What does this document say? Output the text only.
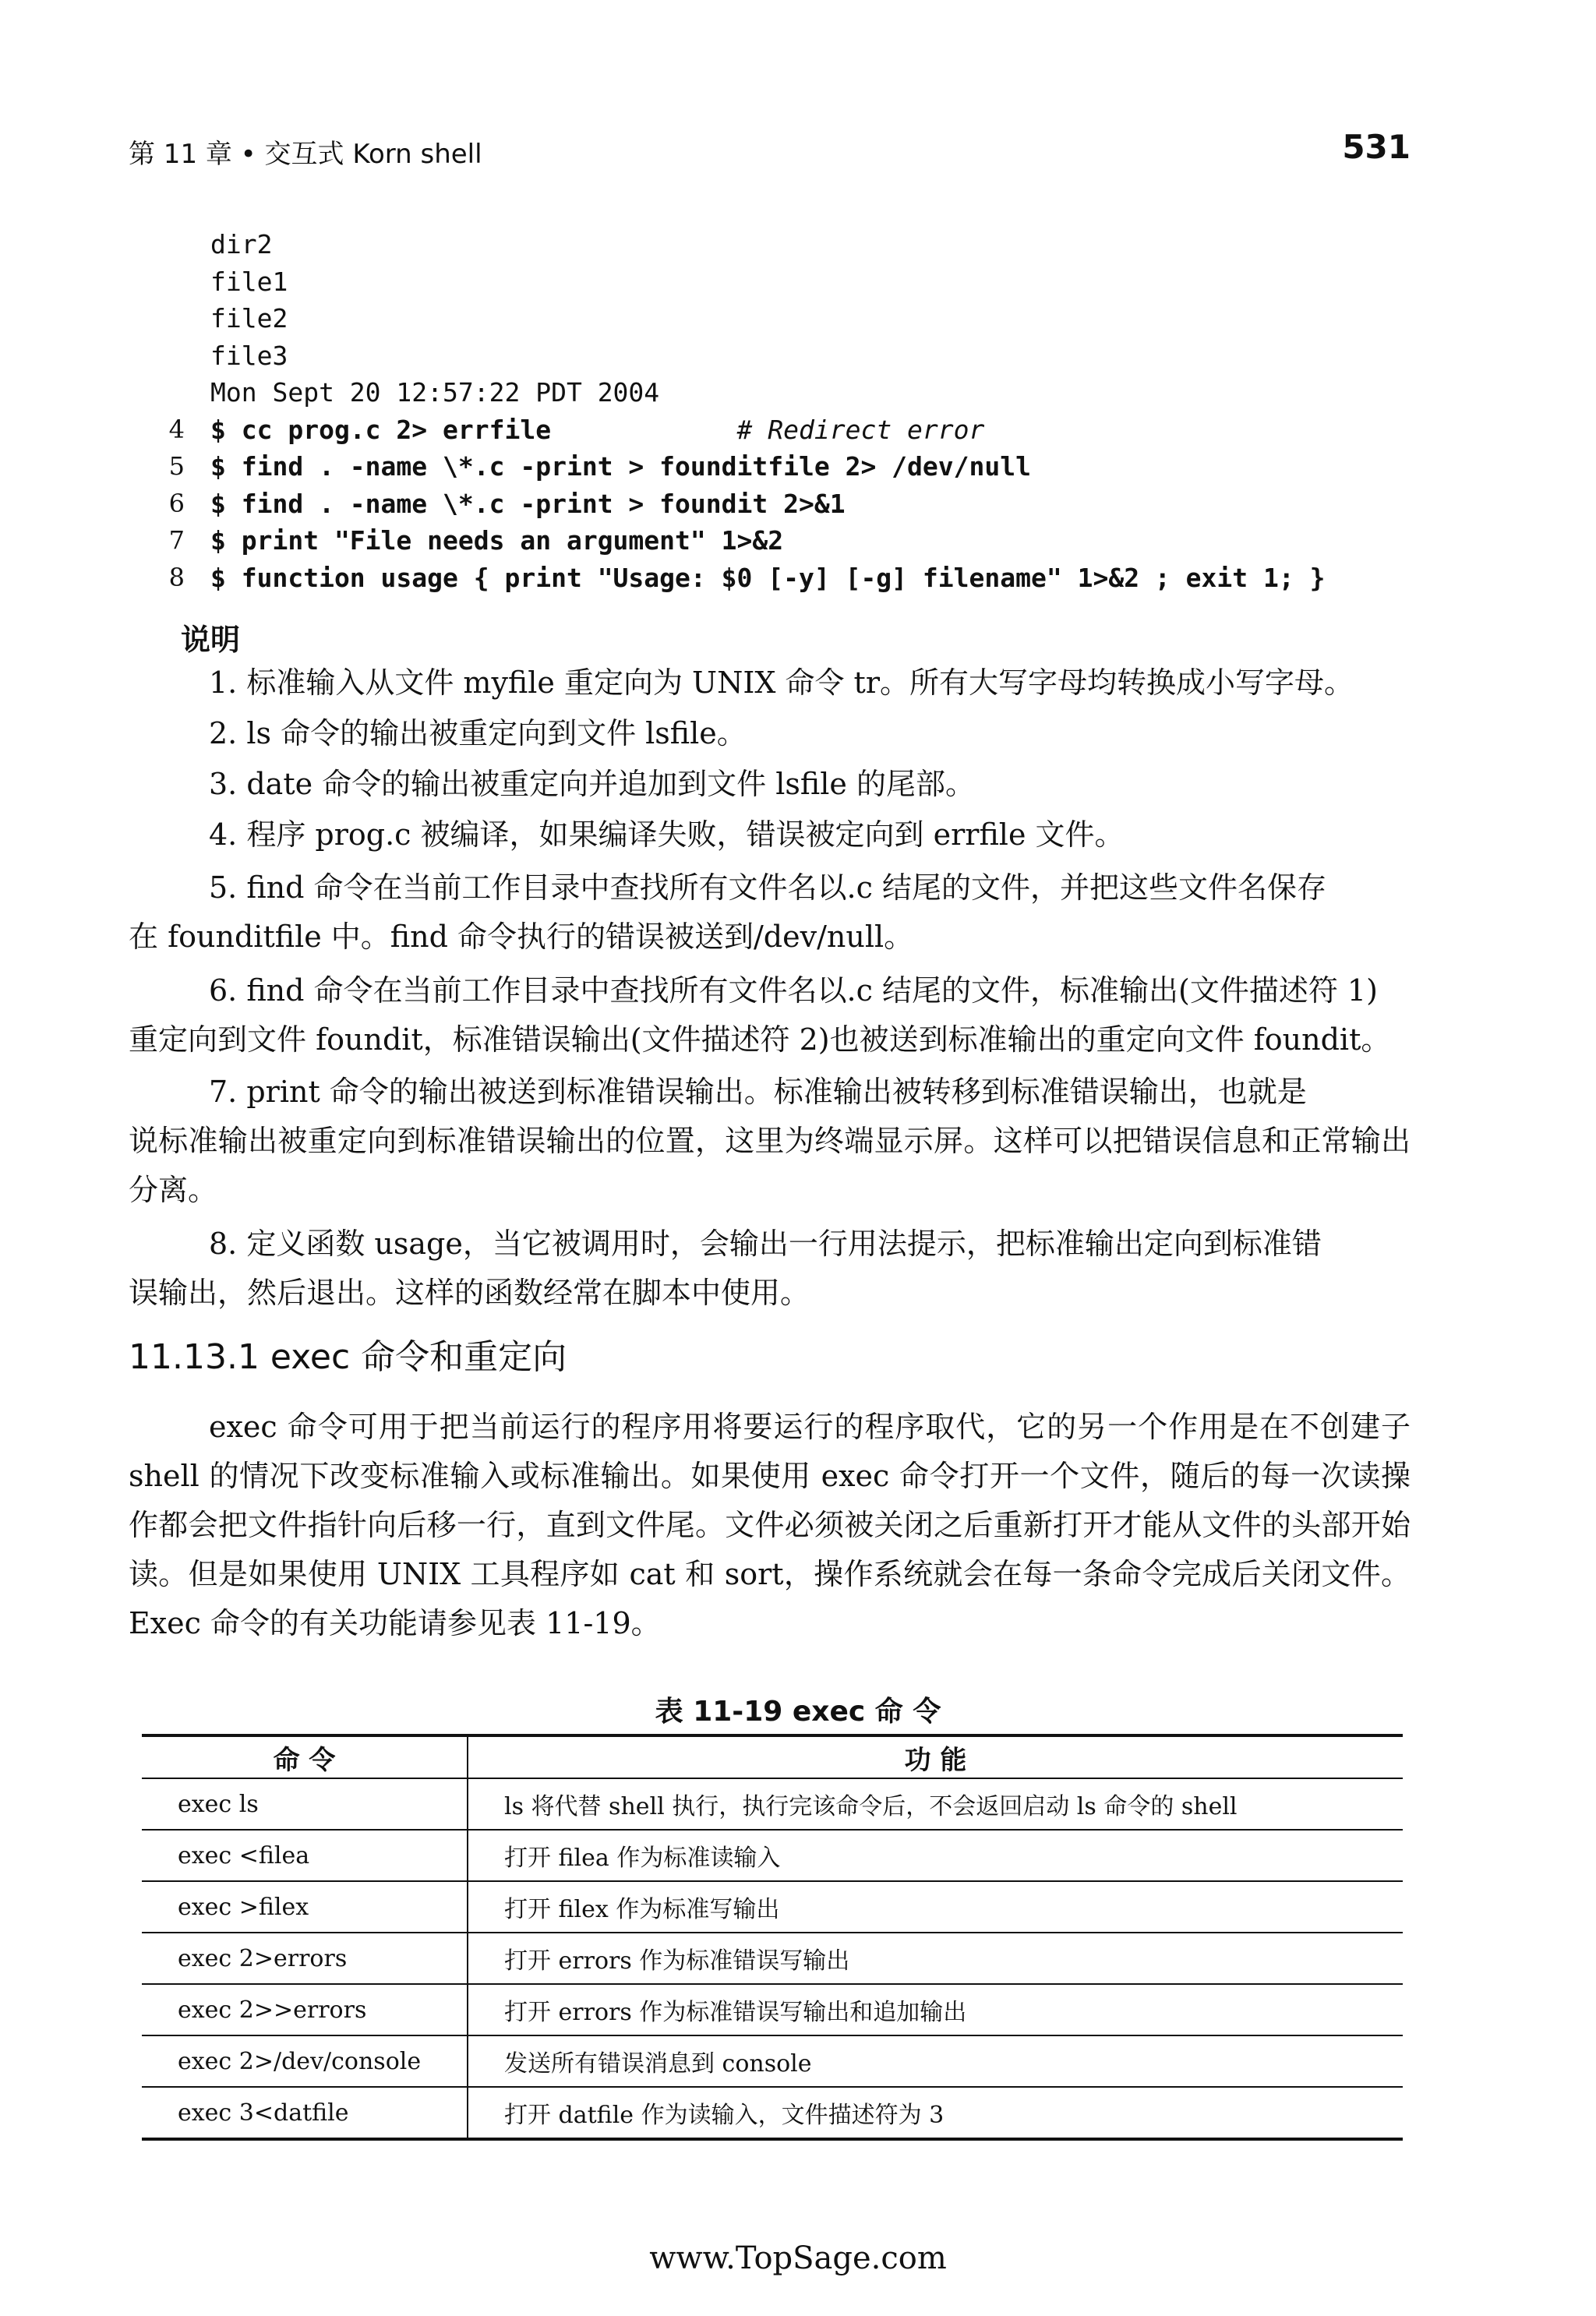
第 11 章 • 交互式 Korn shell	531
dir2
file1
file2
file3
Mon Sept 20 12:57:22 PDT 2004
4 $ cc prog.c 2> errfile            # Redirect error
5 $ find . -name \*.c -print > founditfile 2> /dev/null
6 $ find . -name \*.c -print > foundit 2>&1
7 $ print "File needs an argument" 1>&2
8 $ function usage { print "Usage: $0 [-y] [-g] filename" 1>&2 ; exit 1; }
说明
1. 标准输入从文件 myfile 重定向为 UNIX 命令 tr。所有大写字母均转换成小写字母。
2. ls 命令的输出被重定向到文件 lsfile。
3. date 命令的输出被重定向并追加到文件 lsfile 的尾部。
4. 程序 prog.c 被编译，如果编译失败，错误被定向到 errfile 文件。
5. find 命令在当前工作目录中查找所有文件名以.c 结尾的文件，并把这些文件名保存
在 founditfile 中。find 命令执行的错误被送到/dev/null。
6. find 命令在当前工作目录中查找所有文件名以.c 结尾的文件，标准输出(文件描述符 1)
重定向到文件 foundit，标准错误输出(文件描述符 2)也被送到标准输出的重定向文件 foundit。
7. print 命令的输出被送到标准错误输出。标准输出被转移到标准错误输出，也就是
说标准输出被重定向到标准错误输出的位置，这里为终端显示屏。这样可以把错误信息和正常输出分离。
8. 定义函数 usage，当它被调用时，会输出一行用法提示，把标准输出定向到标准错
误输出，然后退出。这样的函数经常在脚本中使用。
11.13.1 exec 命令和重定向
exec 命令可用于把当前运行的程序用将要运行的程序取代，它的另一个作用是在不创建子 shell 的情况下改变标准输入或标准输出。如果使用 exec 命令打开一个文件，随后的每一次读操作都会把文件指针向后移一行，直到文件尾。文件必须被关闭之后重新打开才能从文件的头部开始读。但是如果使用 UNIX 工具程序如 cat 和 sort，操作系统就会在每一条命令完成后关闭文件。Exec 命令的有关功能请参见表 11-19。
表 11-19 exec 命 令
命 令	功 能
exec ls	ls 将代替 shell 执行，执行完该命令后，不会返回启动 ls 命令的 shell
exec <filea	打开 filea 作为标准读输入
exec >filex	打开 filex 作为标准写输出
exec 2>errors	打开 errors 作为标准错误写输出
exec 2>>errors	打开 errors 作为标准错误写输出和追加输出
exec 2>/dev/console	发送所有错误消息到 console
exec 3<datfile	打开 datfile 作为读输入，文件描述符为 3
www.TopSage.com
